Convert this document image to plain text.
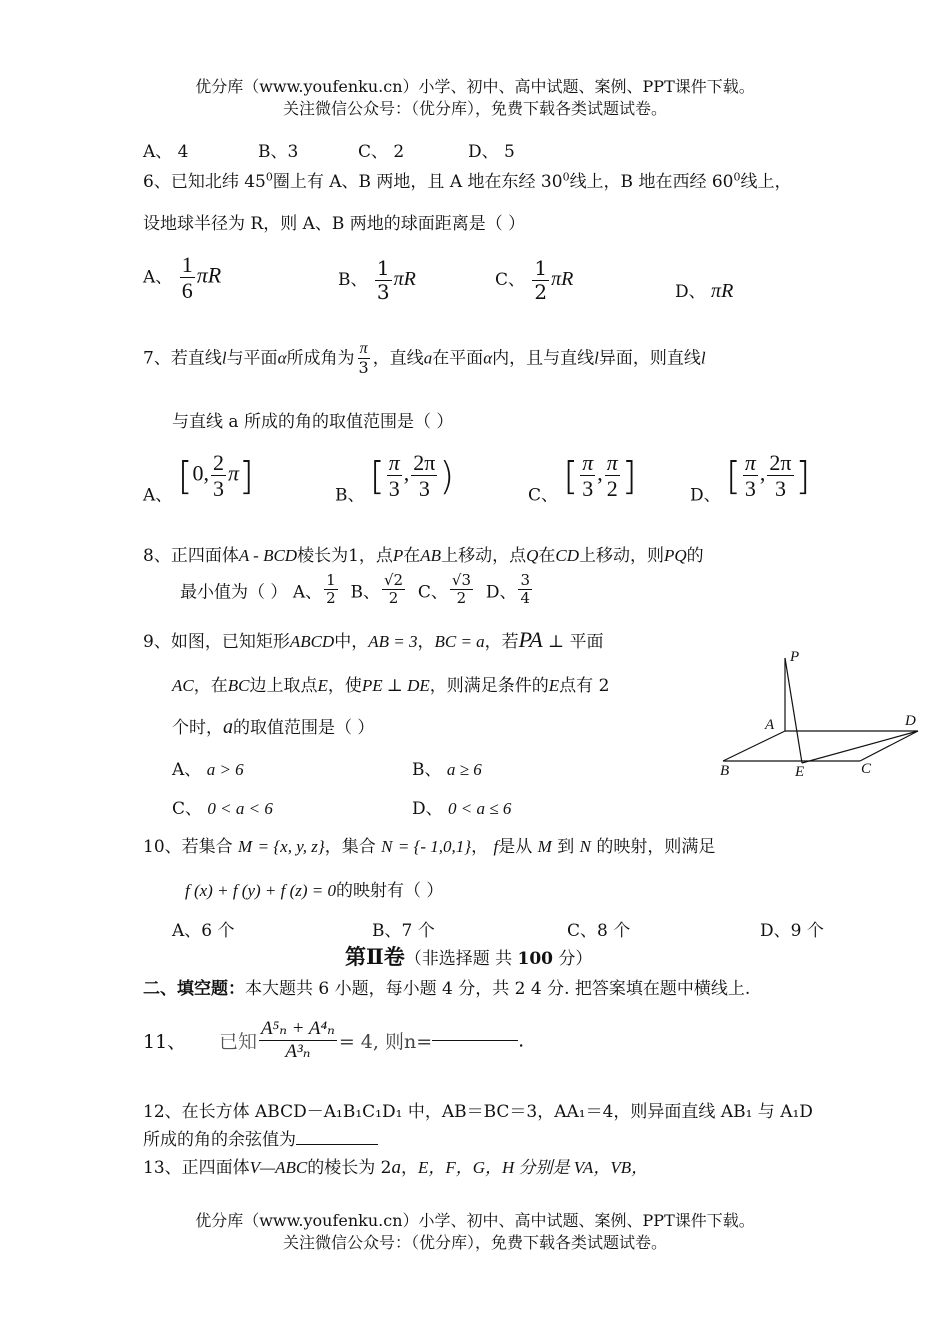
优分库（www.youfenku.cn）小学、初中、高中试题、案例、PPT课件下载。
关注微信公众号：（优分库），免费下载各类试题试卷。
A、 4	B、3	C、 2	D、 5
6、已知北纬 $45^0$圈上有 A、B 两地，且 A 地在东经 $30^0$线上，B 地在西经 $60^0$线上，
设地球半径为 R，则 A、B 两地的球面距离是（ ）
A、 $\frac{1}{6}$ πR	B、 $\frac{1}{3}$ πR	C、 $\frac{1}{2}$ πR
D、 πR
7、若直线l与平面α所成角为 $\frac{\pi}{3}$ ，直线a在平面α内，且与直线l异面，则直线l
与直线 a 所成的角的取值范围是（ ）
A、 [0, $\frac{2}{3} \pi$]	B、 [ $\frac{\pi}{3}$ , $\frac{2\pi}{3}$ )	C、 [ $\frac{\pi}{3}$ , $\frac{\pi}{2}$ ]	D、 [ $\frac{\pi}{3}$ , $\frac{2\pi}{3}$ ]
8、正四面体A - BCD棱长为1，点P在AB上移动，点Q在CD上移动，则PQ的
最小值为（ ） A、 $\frac{1}{2}$ B、 $\frac{√2}{2}$ C、 $\frac{√3}{2}$ D、 $\frac{3}{4}$
9、如图，已知矩形ABCD中，AB = 3，BC = a，若PA ⊥ 平面
AC，在BC边上取点E，使PE ⊥ DE，则满足条件的E点有 2
个时，a的取值范围是（ ）
A、 a > 6	B、 a ≥ 6
C、 0 < a < 6	D、 0 < a ≤ 6
P
A	D
B	E	C
10、若集合 M = {x, y, z}，集合 N = {- 1,0,1}， f是从 M 到 N 的映射，则满足
f (x) + f (y) + f (z) = 0的映射有（ ）
A、6 个	B、7 个	C、8 个	D、9 个
第Ⅱ卷（非选择题 共 100 分）
二、填空题：本大题共 6 小题，每小题 4 分，共 2 4 分. 把答案填在题中横线上.
11、 已知 $\frac{\text{A⁵ₙ + A⁴ₙ}}{\text{A³ₙ}} = 4$, 则n=	.
12、在长方体 ABCD－A₁B₁C₁D₁ 中，AB＝BC＝3，AA₁＝4，则异面直线 AB₁ 与 A₁D
所成的角的余弦值为
13、正四面体V—ABC的棱长为 2a，E，F，G，H 分别是 VA，VB，
优分库（www.youfenku.cn）小学、初中、高中试题、案例、PPT课件下载。
关注微信公众号：（优分库），免费下载各类试题试卷。
